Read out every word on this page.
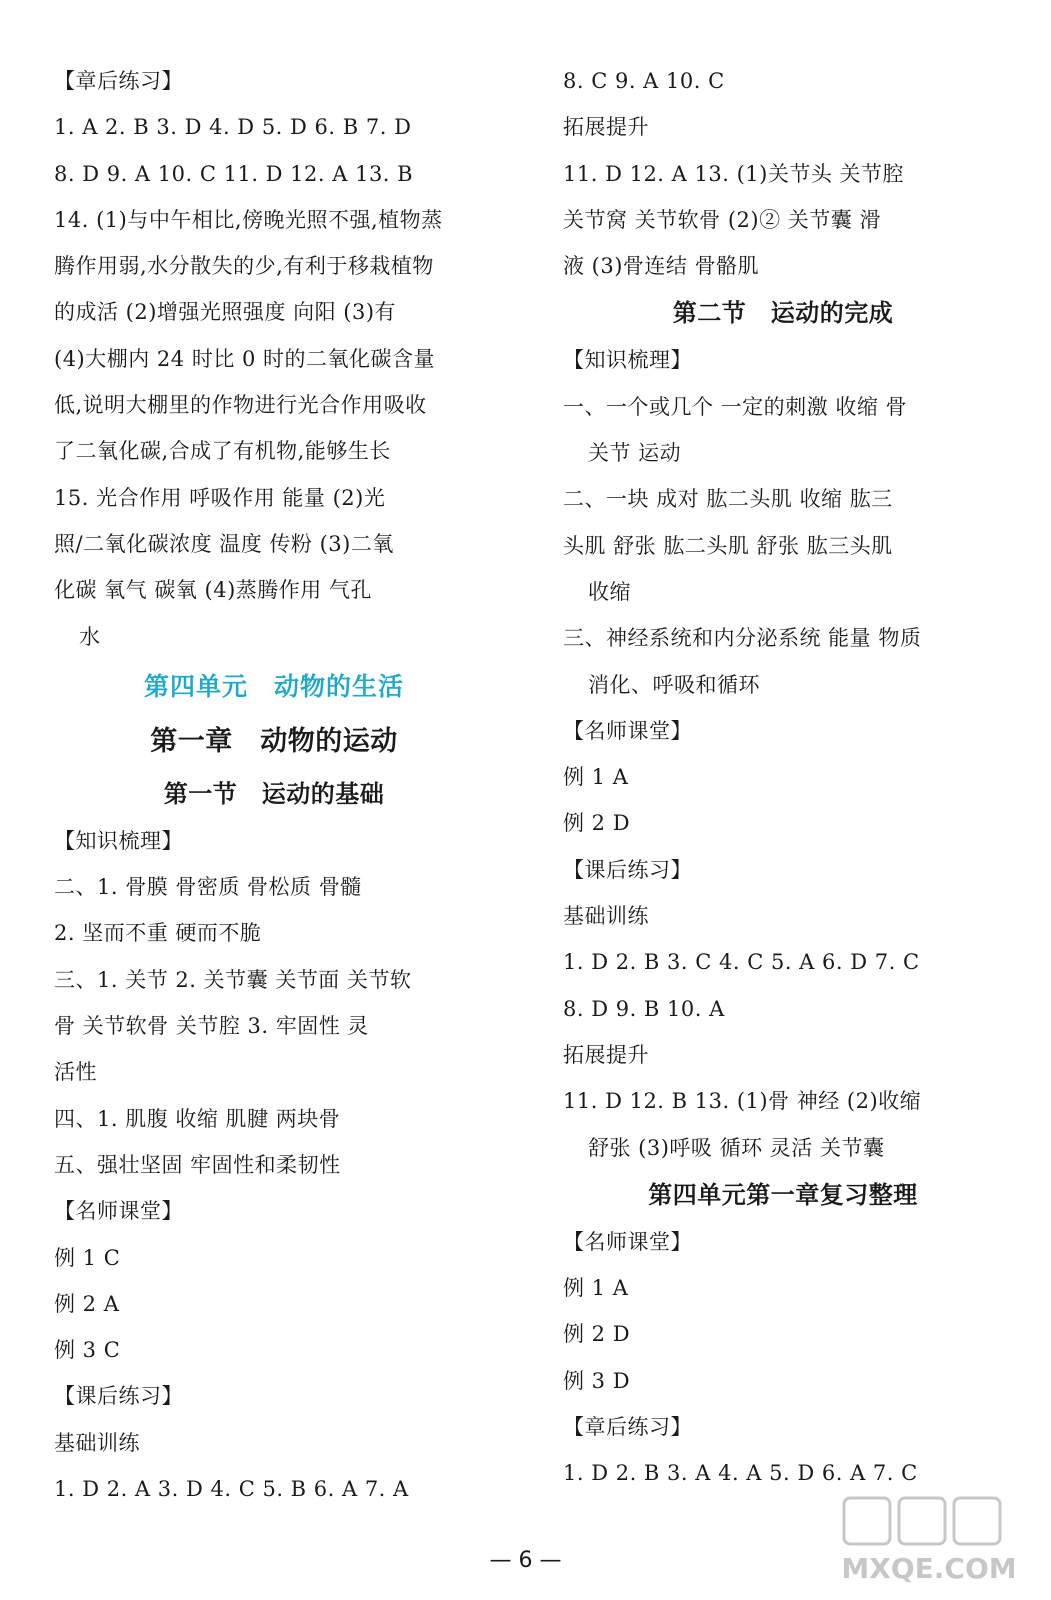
【章后练习】
1. A 2. B 3. D 4. D 5. D 6. B 7. D
8. D 9. A 10. C 11. D 12. A 13. B
14. (1)与中午相比,傍晚光照不强,植物蒸
腾作用弱,水分散失的少,有利于移栽植物
的成活 (2)增强光照强度 向阳 (3)有
(4)大棚内 24 时比 0 时的二氧化碳含量
低,说明大棚里的作物进行光合作用吸收
了二氧化碳,合成了有机物,能够生长
15. 光合作用 呼吸作用 能量 (2)光
照/二氧化碳浓度 温度 传粉 (3)二氧
化碳 氧气 碳氧 (4)蒸腾作用 气孔
水
第四单元　动物的生活
第一章　动物的运动
第一节　运动的基础
【知识梳理】
二、1. 骨膜 骨密质 骨松质 骨髓
2. 坚而不重 硬而不脆
三、1. 关节 2. 关节囊 关节面 关节软
骨 关节软骨 关节腔 3. 牢固性 灵
活性
四、1. 肌腹 收缩 肌腱 两块骨
五、强壮坚固 牢固性和柔韧性
【名师课堂】
例 1 C
例 2 A
例 3 C
【课后练习】
基础训练
1. D 2. A 3. D 4. C 5. B 6. A 7. A
8. C 9. A 10. C
拓展提升
11. D 12. A 13. (1)关节头 关节腔
关节窝 关节软骨 (2)② 关节囊 滑
液 (3)骨连结 骨骼肌
第二节　运动的完成
【知识梳理】
一、一个或几个 一定的刺激 收缩 骨
关节 运动
二、一块 成对 肱二头肌 收缩 肱三
头肌 舒张 肱二头肌 舒张 肱三头肌
收缩
三、神经系统和内分泌系统 能量 物质
消化、呼吸和循环
【名师课堂】
例 1 A
例 2 D
【课后练习】
基础训练
1. D 2. B 3. C 4. C 5. A 6. D 7. C
8. D 9. B 10. A
拓展提升
11. D 12. B 13. (1)骨 神经 (2)收缩
舒张 (3)呼吸 循环 灵活 关节囊
第四单元第一章复习整理
【名师课堂】
例 1 A
例 2 D
例 3 D
【章后练习】
1. D 2. B 3. A 4. A 5. D 6. A 7. C
— 6 —	MXQE.COM
